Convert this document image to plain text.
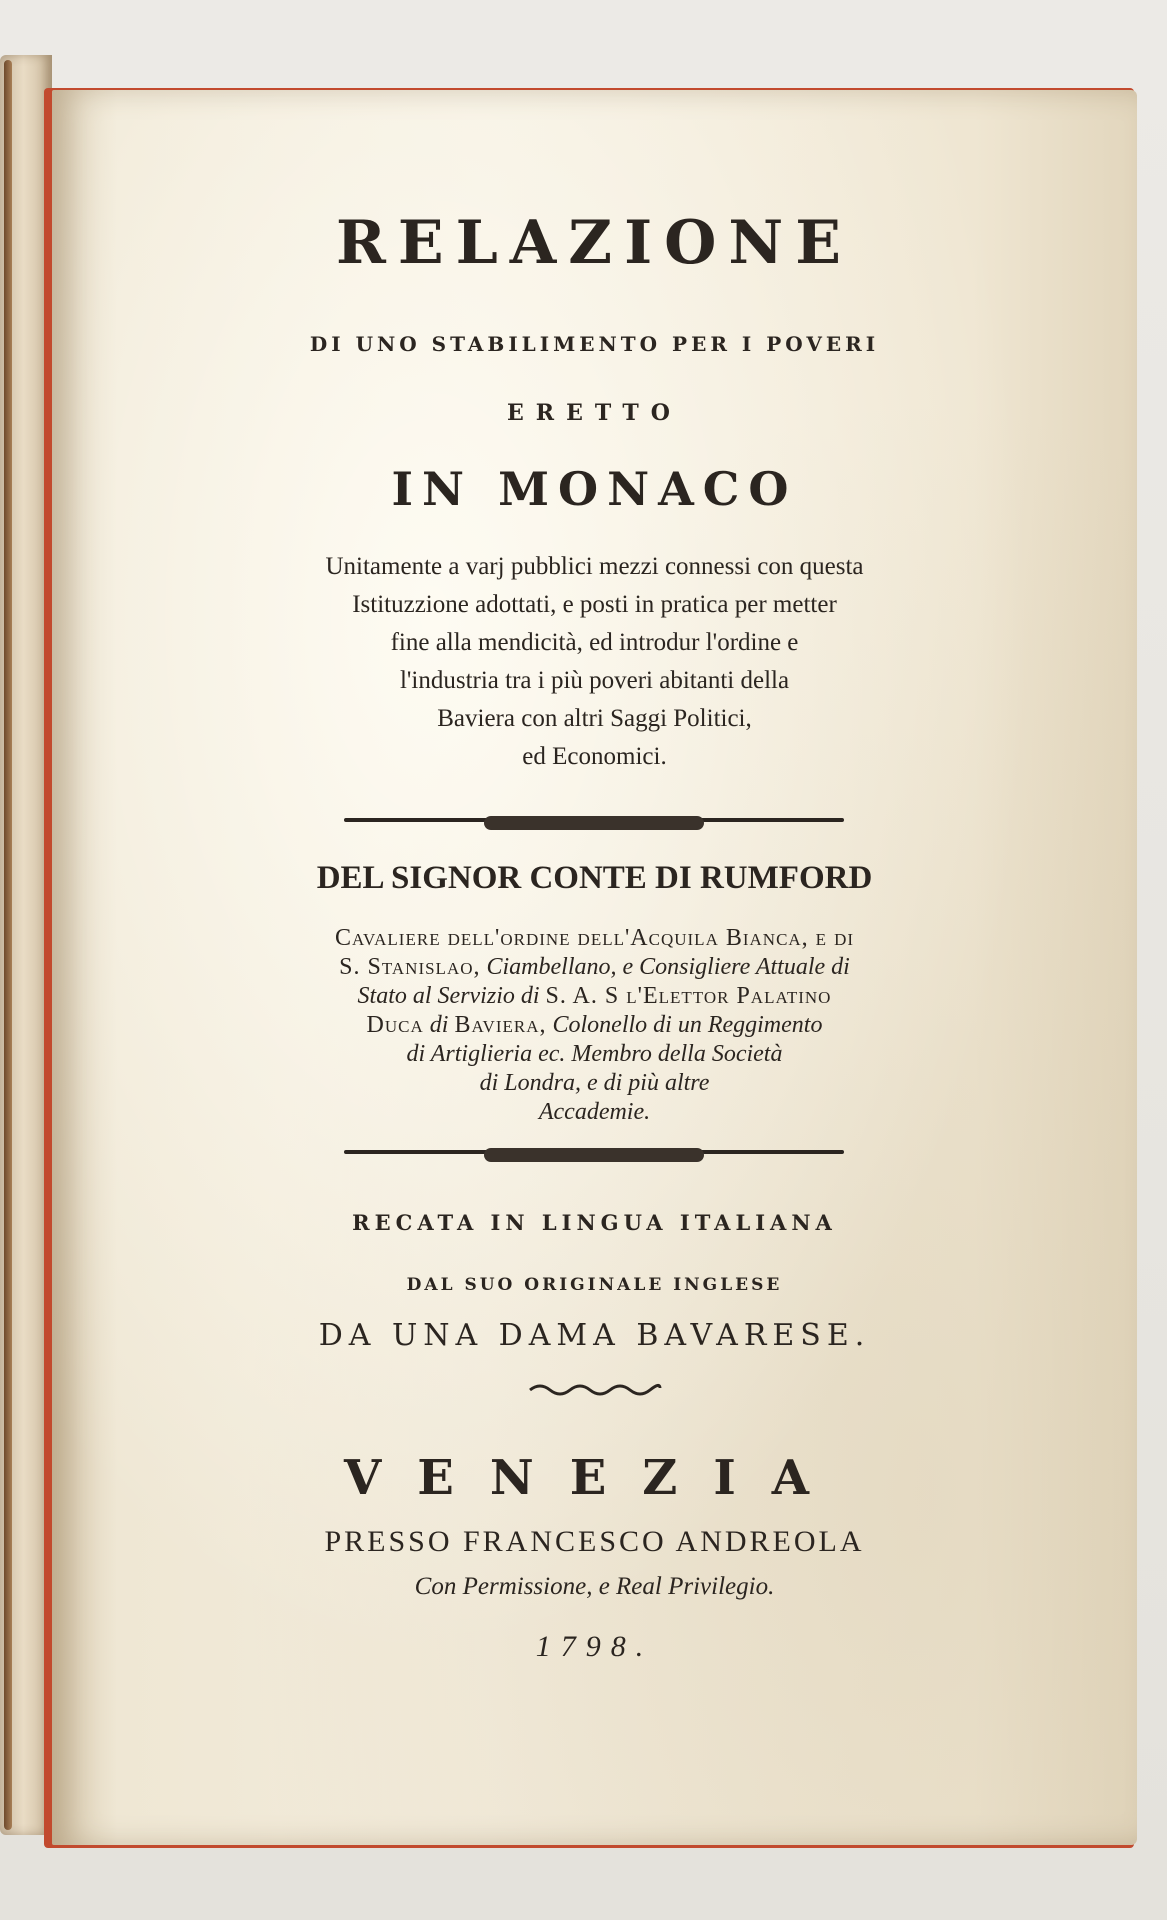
RELAZIONE
DI UNO STABILIMENTO PER I POVERI
ERETTO
IN MONACO
Unitamente a varj pubblici mezzi connessi con questa
Istituzzione adottati, e posti in pratica per metter
fine alla mendicità, ed introdur l'ordine e
l'industria tra i più poveri abitanti della
Baviera con altri Saggi Politici,
ed Economici.
DEL SIGNOR CONTE DI RUMFORD
Cavaliere dell'ordine dell'Acquila Bianca, e di
S. Stanislao, Ciambellano, e Consigliere Attuale di
Stato al Servizio di S. A. S l'Elettor Palatino
Duca di Baviera, Colonello di un Reggimento
di Artiglieria ec. Membro della Società
di Londra, e di più altre
Accademie.
RECATA IN LINGUA ITALIANA
DAL SUO ORIGINALE INGLESE
DA UNA DAMA BAVARESE.
VENEZIA
PRESSO FRANCESCO ANDREOLA
Con Permissione, e Real Privilegio.
1798.
